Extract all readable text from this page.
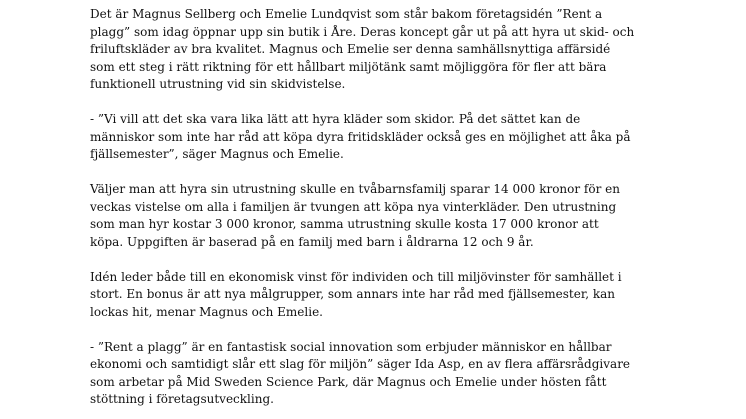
Det är Magnus Sellberg och Emelie Lundqvist som står bakom företagsidén ”Rent a
plagg” som idag öppnar upp sin butik i Åre. Deras koncept går ut på att hyra ut skid- och
friluftskläder av bra kvalitet. Magnus och Emelie ser denna samhällsnyttiga affärsidé
som ett steg i rätt riktning för ett hållbart miljötänk samt möjliggöra för fler att bära
funktionell utrustning vid sin skidvistelse.

- ”Vi vill att det ska vara lika lätt att hyra kläder som skidor. På det sättet kan de
människor som inte har råd att köpa dyra fritidskläder också ges en möjlighet att åka på
fjällsemester”, säger Magnus och Emelie.

Väljer man att hyra sin utrustning skulle en tvåbarnsfamilj sparar 14 000 kronor för en
veckas vistelse om alla i familjen är tvungen att köpa nya vinterkläder. Den utrustning
som man hyr kostar 3 000 kronor, samma utrustning skulle kosta 17 000 kronor att
köpa. Uppgiften är baserad på en familj med barn i åldrarna 12 och 9 år.

Idén leder både till en ekonomisk vinst för individen och till miljövinster för samhället i
stort. En bonus är att nya målgrupper, som annars inte har råd med fjällsemester, kan
lockas hit, menar Magnus och Emelie.

- ”Rent a plagg” är en fantastisk social innovation som erbjuder människor en hållbar
ekonomi och samtidigt slår ett slag för miljön” säger Ida Asp, en av flera affärsrådgivare
som arbetar på Mid Sweden Science Park, där Magnus och Emelie under hösten fått
stöttning i företagsutveckling.
